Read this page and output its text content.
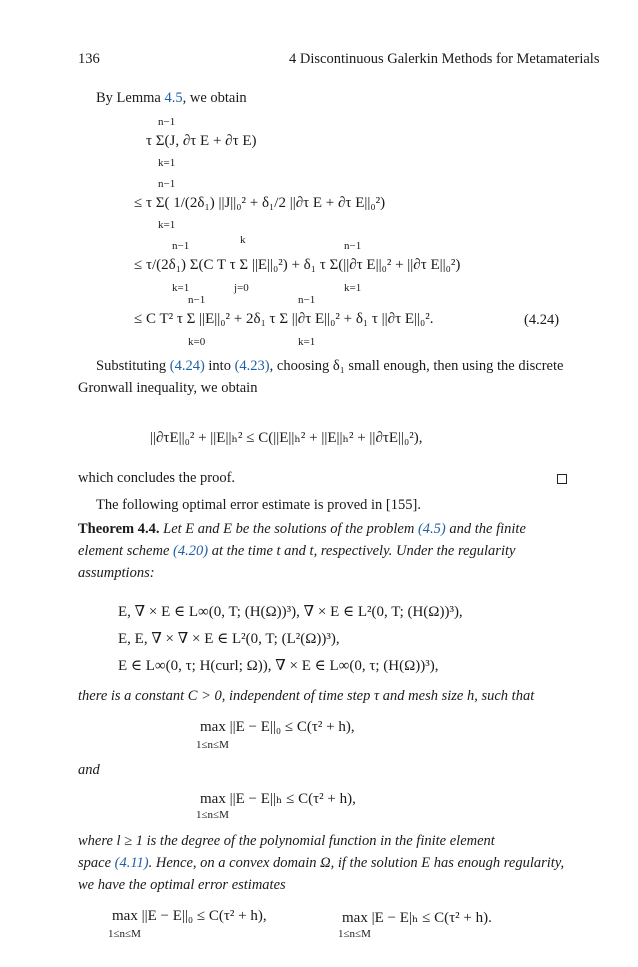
136	4 Discontinuous Galerkin Methods for Metamaterials
By Lemma 4.5, we obtain
n−1
τ Σ(J, ∂τ E + ∂τ E)
k=1
n−1
≤ τ Σ( 1/(2δ₁) ||J||₀² + δ₁/2 ||∂τ E + ∂τ E||₀²)
k=1
n−1	k	n−1
≤ τ/(2δ₁) Σ(C T τ Σ ||E||₀²) + δ₁ τ Σ(||∂τ E||₀² + ||∂τ E||₀²)
k=1	j=0	k=1
n−1	n−1
≤ C T² τ Σ ||E||₀² + 2δ₁ τ Σ ||∂τ E||₀² + δ₁ τ ||∂τ E||₀².
k=0	k=1
(4.24)
Substituting (4.24) into (4.23), choosing δ₁ small enough, then using the discrete
Gronwall inequality, we obtain
||∂τE||₀² + ||E||ₕ² ≤ C(||E||ₕ² + ||E||ₕ² + ||∂τE||₀²),
which concludes the proof.
The following optimal error estimate is proved in [155].
Theorem 4.4. Let E and E be the solutions of the problem (4.5) and the finite
element scheme (4.20) at the time t and t, respectively. Under the regularity
assumptions:
E, ∇ × E ∈ L∞(0, T; (H(Ω))³), ∇ × E ∈ L²(0, T; (H(Ω))³),
E, E, ∇ × ∇ × E ∈ L²(0, T; (L²(Ω))³),
E ∈ L∞(0, τ; H(curl; Ω)), ∇ × E ∈ L∞(0, τ; (H(Ω))³),
there is a constant C > 0, independent of time step τ and mesh size h, such that
max ||E − E||₀ ≤ C(τ² + h),
1≤n≤M
and
max ||E − E||ₕ ≤ C(τ² + h),
1≤n≤M
where l ≥ 1 is the degree of the polynomial function in the finite element
space (4.11). Hence, on a convex domain Ω, if the solution E has enough regularity,
we have the optimal error estimates
max ||E − E||₀ ≤ C(τ² + h),
1≤n≤M
max |E − E|ₕ ≤ C(τ² + h).
1≤n≤M
